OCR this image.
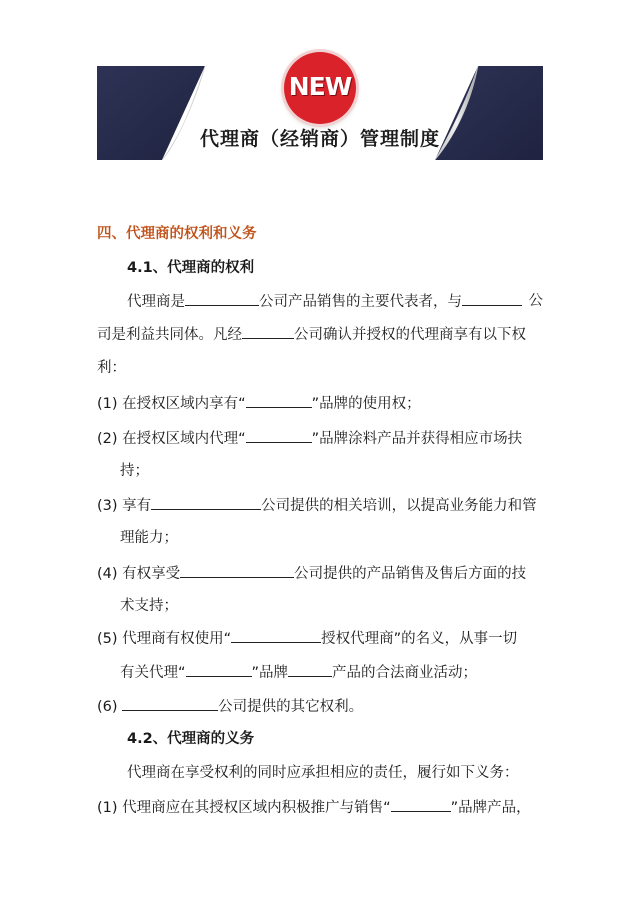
NEW
代理商（经销商）管理制度
四、代理商的权利和义务
4.1、代理商的权利
代理商是	公司产品销售的主要代表者，与	公
司是利益共同体。凡经	公司确认并授权的代理商享有以下权
利：
(1) 在授权区域内享有“	”品牌的使用权；
(2) 在授权区域内代理“	”品牌涂料产品并获得相应市场扶
持；
(3) 享有	公司提供的相关培训，以提高业务能力和管
理能力；
(4) 有权享受	公司提供的产品销售及售后方面的技
术支持；
(5) 代理商有权使用“	授权代理商”的名义，从事一切
有关代理“	”品牌	产品的合法商业活动；
(6)	公司提供的其它权利。
4.2、代理商的义务
代理商在享受权利的同时应承担相应的责任，履行如下义务：
(1) 代理商应在其授权区域内积极推广与销售“	”品牌产品，
